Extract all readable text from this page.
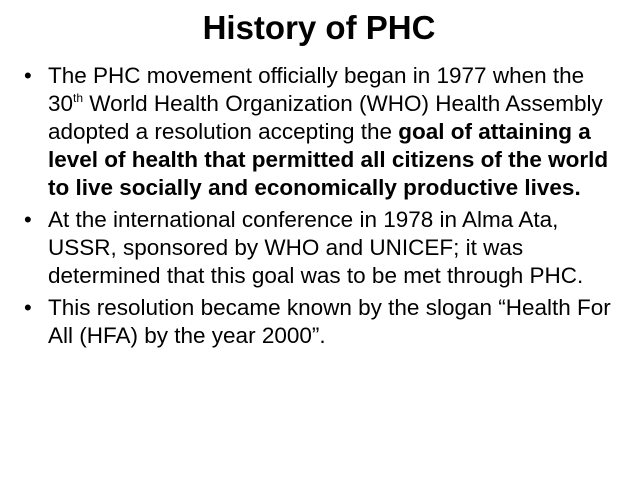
History of PHC
• The PHC movement officially began in 1977 when the 30th World Health Organization (WHO) Health Assembly adopted a resolution accepting the goal of attaining a level of health that permitted all citizens of the world to live socially and economically productive lives.
• At the international conference in 1978 in Alma Ata, USSR, sponsored by WHO and UNICEF; it was determined that this goal was to be met through PHC.
• This resolution became known by the slogan “Health For All (HFA) by the year 2000”.
